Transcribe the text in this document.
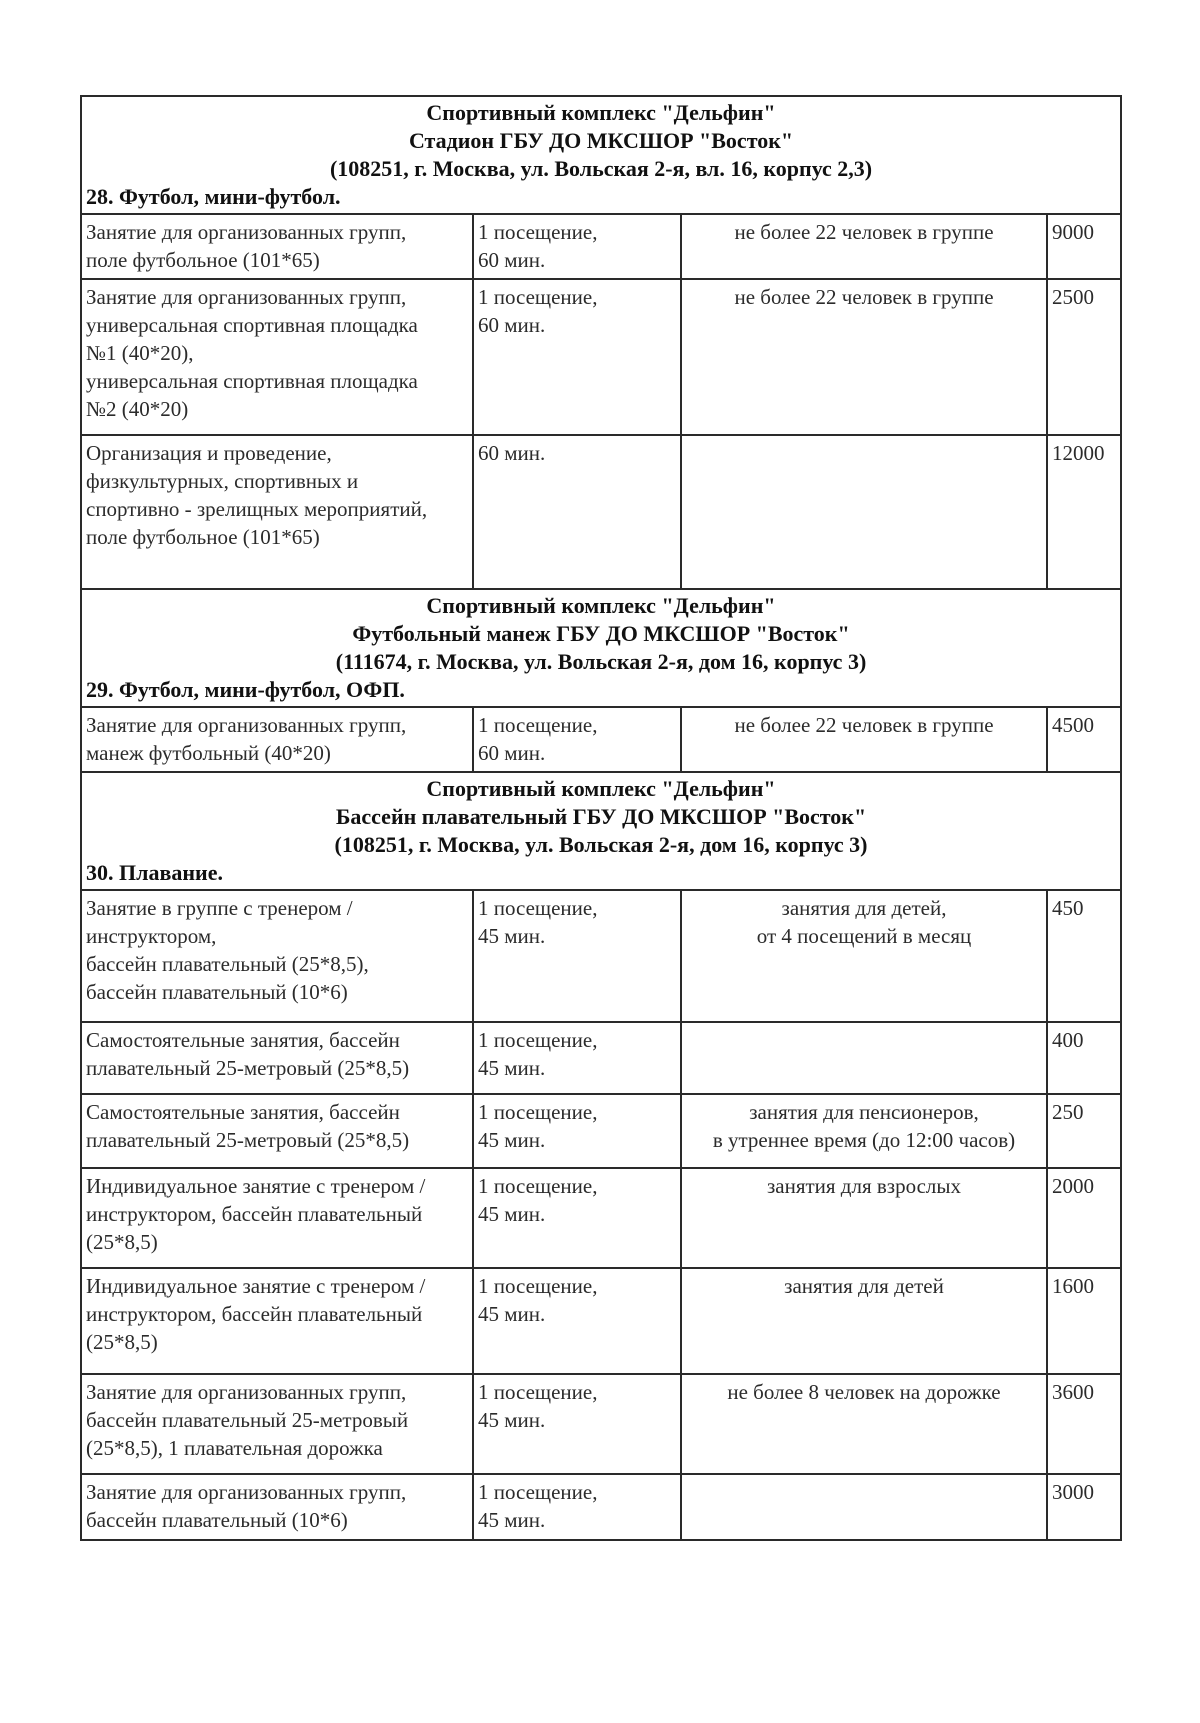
Спортивный комплекс "Дельфин"
Стадион ГБУ ДО МКСШОР "Восток"
(108251, г. Москва, ул. Вольская 2-я, вл. 16, корпус 2,3)			

28. Футбол, мини-футбол.			

Занятие для организованных групп,
поле футбольное (101*65)	1 посещение,
60 мин.	не более 22 человек в группе	9000

Занятие для организованных групп,
универсальная спортивная площадка
№1 (40*20),
универсальная спортивная площадка
№2 (40*20)	1 посещение,
60 мин.	не более 22 человек в группе	2500

Организация и проведение,
физкультурных, спортивных и
спортивно - зрелищных мероприятий,
поле футбольное (101*65)	60 мин.		12000

Спортивный комплекс "Дельфин"
Футбольный манеж ГБУ ДО МКСШОР "Восток"
(111674, г. Москва, ул. Вольская 2-я, дом 16, корпус 3)			

29. Футбол, мини-футбол, ОФП.			

Занятие для организованных групп,
манеж футбольный (40*20)	1 посещение,
60 мин.	не более 22 человек в группе	4500

Спортивный комплекс "Дельфин"
Бассейн плавательный ГБУ ДО МКСШОР "Восток"
(108251, г. Москва, ул. Вольская 2-я, дом 16, корпус 3)			

30. Плавание.			

Занятие в группе с тренером /
инструктором,
бассейн плавательный (25*8,5),
бассейн плавательный (10*6)	1 посещение,
45 мин.	занятия для детей,
от 4 посещений в месяц	450

Самостоятельные занятия, бассейн
плавательный 25-метровый (25*8,5)	1 посещение,
45 мин.		400

Самостоятельные занятия, бассейн
плавательный 25-метровый (25*8,5)	1 посещение,
45 мин.	занятия для пенсионеров,
в утреннее время (до 12:00 часов)	250

Индивидуальное занятие с тренером /
инструктором, бассейн плавательный
(25*8,5)	1 посещение,
45 мин.	занятия для взрослых	2000

Индивидуальное занятие с тренером /
инструктором, бассейн плавательный
(25*8,5)	1 посещение,
45 мин.	занятия для детей	1600

Занятие для организованных групп,
бассейн плавательный 25-метровый
(25*8,5), 1 плавательная дорожка	1 посещение,
45 мин.	не более 8 человек на дорожке	3600

Занятие для организованных групп,
бассейн плавательный (10*6)	1 посещение,
45 мин.		3000
